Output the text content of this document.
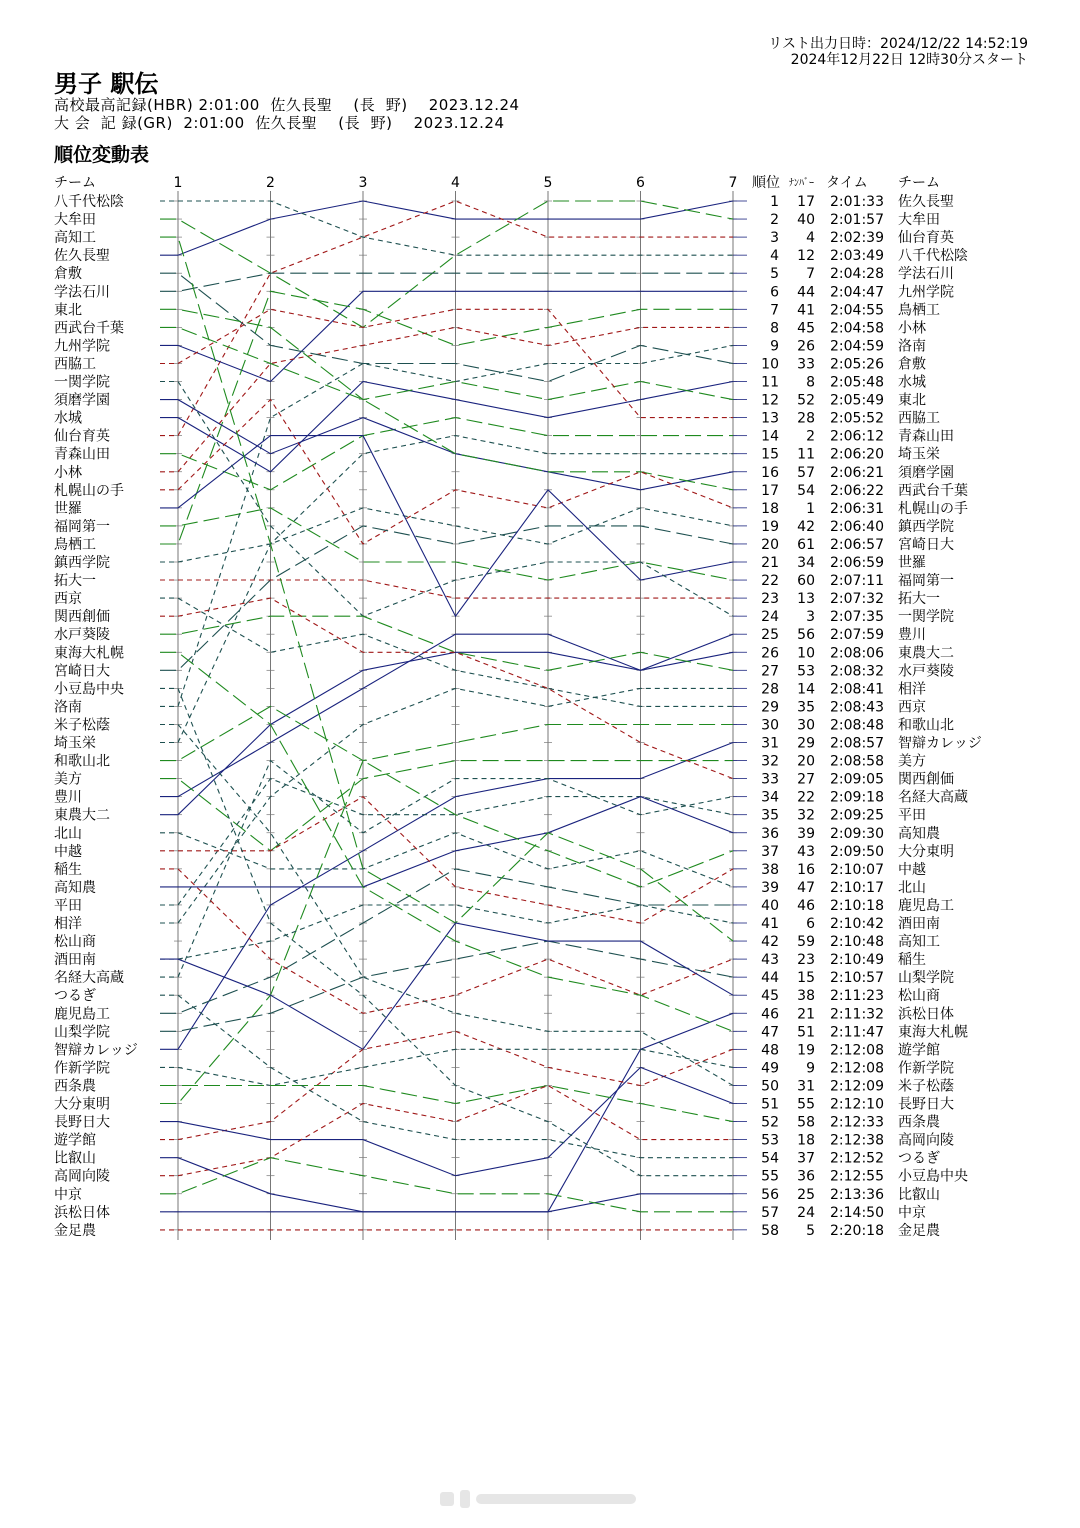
リスト出力日時：2024/12/22 14:52:19
2024年12月22日 12時30分スタート
男子 駅伝
高校最高記録(HBR) 2:01:00  佐久長聖    (長  野)    2023.12.24
大 会  記 録(GR)  2:01:00  佐久長聖    (長  野)    2023.12.24
順位変動表
1	2	3	4	5	6	7
チーム	順位 ﾅﾝﾊﾞｰ タイム チーム
八千代松陰
大牟田
高知工
佐久長聖
倉敷
学法石川
東北
西武台千葉
九州学院
西脇工
一関学院
須磨学園
水城
仙台育英
青森山田
小林
札幌山の手
世羅
福岡第一
鳥栖工
鎮西学院
拓大一
西京
関西創価
水戸葵陵
東海大札幌
宮崎日大
小豆島中央
洛南
米子松蔭
埼玉栄
和歌山北
美方
豊川
東農大二
北山
中越
稲生
高知農
平田
相洋
松山商
酒田南
名経大高蔵
つるぎ
鹿児島工
山梨学院
智辯カレッジ
作新学院
西条農
大分東明
長野日大
遊学館
比叡山
高岡向陵
中京
浜松日体
金足農
1 17 2:01:33 佐久長聖
2 40 2:01:57 大牟田
3 4 2:02:39 仙台育英
4 12 2:03:49 八千代松陰
5 7 2:04:28 学法石川
6 44 2:04:47 九州学院
7 41 2:04:55 鳥栖工
8 45 2:04:58 小林
9 26 2:04:59 洛南
10 33 2:05:26 倉敷
11 8 2:05:48 水城
12 52 2:05:49 東北
13 28 2:05:52 西脇工
14 2 2:06:12 青森山田
15 11 2:06:20 埼玉栄
16 57 2:06:21 須磨学園
17 54 2:06:22 西武台千葉
18 1 2:06:31 札幌山の手
19 42 2:06:40 鎮西学院
20 61 2:06:57 宮崎日大
21 34 2:06:59 世羅
22 60 2:07:11 福岡第一
23 13 2:07:32 拓大一
24 3 2:07:35 一関学院
25 56 2:07:59 豊川
26 10 2:08:06 東農大二
27 53 2:08:32 水戸葵陵
28 14 2:08:41 相洋
29 35 2:08:43 西京
30 30 2:08:48 和歌山北
31 29 2:08:57 智辯カレッジ
32 20 2:08:58 美方
33 27 2:09:05 関西創価
34 22 2:09:18 名経大高蔵
35 32 2:09:25 平田
36 39 2:09:30 高知農
37 43 2:09:50 大分東明
38 16 2:10:07 中越
39 47 2:10:17 北山
40 46 2:10:18 鹿児島工
41 6 2:10:42 酒田南
42 59 2:10:48 高知工
43 23 2:10:49 稲生
44 15 2:10:57 山梨学院
45 38 2:11:23 松山商
46 21 2:11:32 浜松日体
47 51 2:11:47 東海大札幌
48 19 2:12:08 遊学館
49 9 2:12:08 作新学院
50 31 2:12:09 米子松蔭
51 55 2:12:10 長野日大
52 58 2:12:33 西条農
53 18 2:12:38 高岡向陵
54 37 2:12:52 つるぎ
55 36 2:12:55 小豆島中央
56 25 2:13:36 比叡山
57 24 2:14:50 中京
58 5 2:20:18 金足農
